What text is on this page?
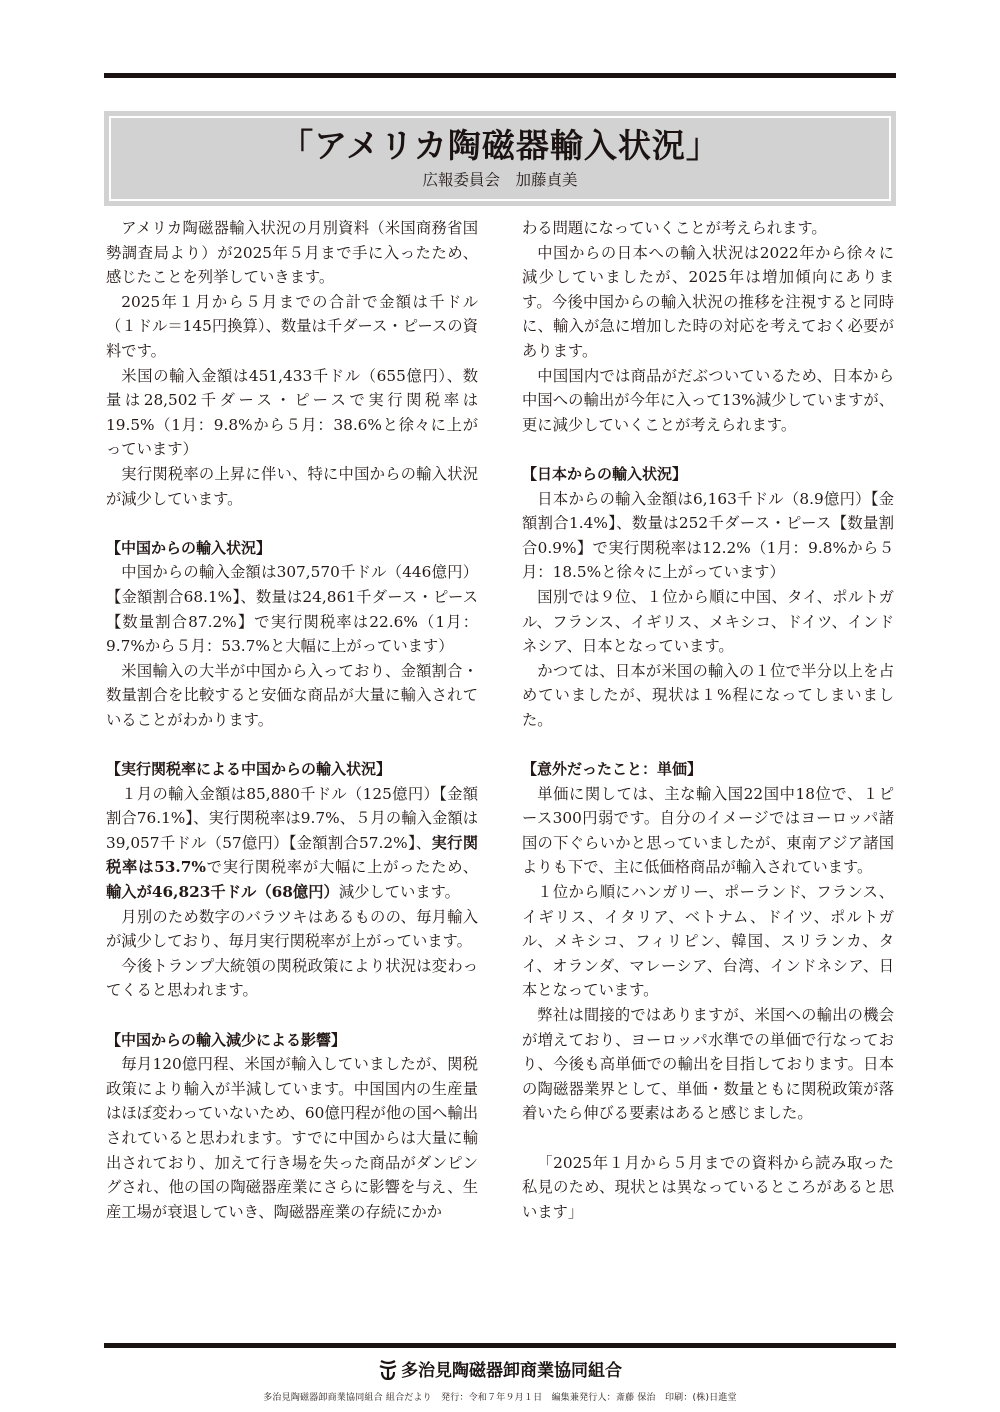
「アメリカ陶磁器輸入状況」
広報委員会　加藤貞美

アメリカ陶磁器輸入状況の月別資料（米国商務省国勢調査局より）が2025年５月まで手に入ったため、感じたことを列挙していきます。

2025年１月から５月までの合計で金額は千ドル（１ドル＝145円換算）、数量は千ダース・ピースの資料です。

米国の輸入金額は451,433千ドル（655億円）、数量は28,502千ダース・ピースで実行関税率は19.5%（1月：9.8%から５月：38.6%と徐々に上がっています）

実行関税率の上昇に伴い、特に中国からの輸入状況が減少しています。

【中国からの輸入状況】

中国からの輸入金額は307,570千ドル（446億円）【金額割合68.1%】、数量は24,861千ダース・ピース【数量割合87.2%】で実行関税率は22.6%（1月：9.7%から５月：53.7%と大幅に上がっています）

米国輸入の大半が中国から入っており、金額割合・数量割合を比較すると安価な商品が大量に輸入されていることがわかります。

【実行関税率による中国からの輸入状況】

１月の輸入金額は85,880千ドル（125億円）【金額割合76.1%】、実行関税率は9.7%、５月の輸入金額は39,057千ドル（57億円）【金額割合57.2%】、実行関税率は53.7%で実行関税率が大幅に上がったため、輸入が46,823千ドル（68億円）減少しています。

月別のため数字のバラツキはあるものの、毎月輸入が減少しており、毎月実行関税率が上がっています。

今後トランプ大統領の関税政策により状況は変わってくると思われます。

【中国からの輸入減少による影響】

毎月120億円程、米国が輸入していましたが、関税政策により輸入が半減しています。中国国内の生産量はほぼ変わっていないため、60億円程が他の国へ輸出されていると思われます。すでに中国からは大量に輸出されており、加えて行き場を失った商品がダンピングされ、他の国の陶磁器産業にさらに影響を与え、生産工場が衰退していき、陶磁器産業の存続にかか

わる問題になっていくことが考えられます。

中国からの日本への輸入状況は2022年から徐々に減少していましたが、2025年は増加傾向にあります。今後中国からの輸入状況の推移を注視すると同時に、輸入が急に増加した時の対応を考えておく必要があります。

中国国内では商品がだぶついているため、日本から中国への輸出が今年に入って13%減少していますが、更に減少していくことが考えられます。

【日本からの輸入状況】

日本からの輸入金額は6,163千ドル（8.9億円）【金額割合1.4%】、数量は252千ダース・ピース【数量割合0.9%】で実行関税率は12.2%（1月：9.8%から５月：18.5%と徐々に上がっています）

国別では９位、１位から順に中国、タイ、ポルトガル、フランス、イギリス、メキシコ、ドイツ、インドネシア、日本となっています。

かつては、日本が米国の輸入の１位で半分以上を占めていましたが、現状は１%程になってしまいました。

【意外だったこと：単価】

単価に関しては、主な輸入国22国中18位で、１ピース300円弱です。自分のイメージではヨーロッパ諸国の下ぐらいかと思っていましたが、東南アジア諸国よりも下で、主に低価格商品が輸入されています。

１位から順にハンガリー、ポーランド、フランス、イギリス、イタリア、ベトナム、ドイツ、ポルトガル、メキシコ、フィリピン、韓国、スリランカ、タイ、オランダ、マレーシア、台湾、インドネシア、日本となっています。

弊社は間接的ではありますが、米国への輸出の機会が増えており、ヨーロッパ水準での単価で行なっており、今後も高単価での輸出を目指しております。日本の陶磁器業界として、単価・数量ともに関税政策が落着いたら伸びる要素はあると感じました。

「2025年１月から５月までの資料から読み取った私見のため、現状とは異なっているところがあると思います」

多治見陶磁器卸商業協同組合
多治見陶磁器卸商業協同組合 組合だより　発行：令和７年９月１日　編集兼発行人：斎藤 保治　印刷：(株)日進堂
